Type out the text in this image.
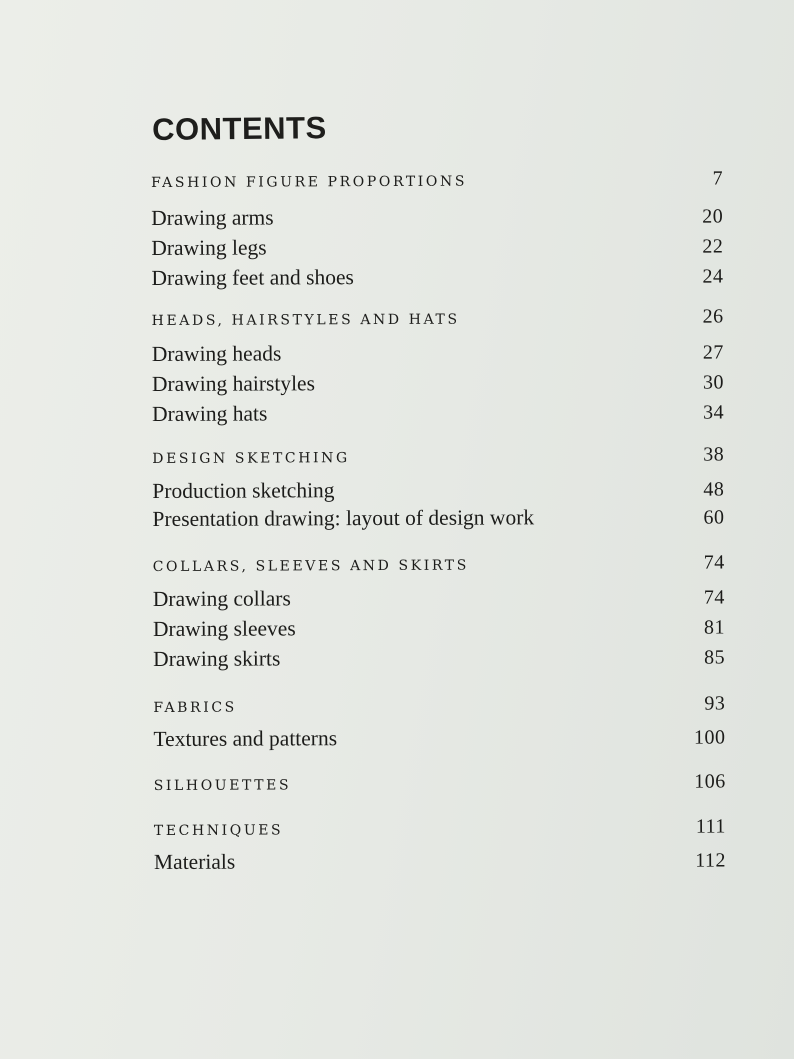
CONTENTS
FASHION FIGURE PROPORTIONS	7
Drawing arms	20
Drawing legs	22
Drawing feet and shoes	24
HEADS, HAIRSTYLES AND HATS	26
Drawing heads	27
Drawing hairstyles	30
Drawing hats	34
DESIGN SKETCHING	38
Production sketching	48
Presentation drawing: layout of design work	60
COLLARS, SLEEVES AND SKIRTS	74
Drawing collars	74
Drawing sleeves	81
Drawing skirts	85
FABRICS	93
Textures and patterns	100
SILHOUETTES	106
TECHNIQUES	111
Materials	112
